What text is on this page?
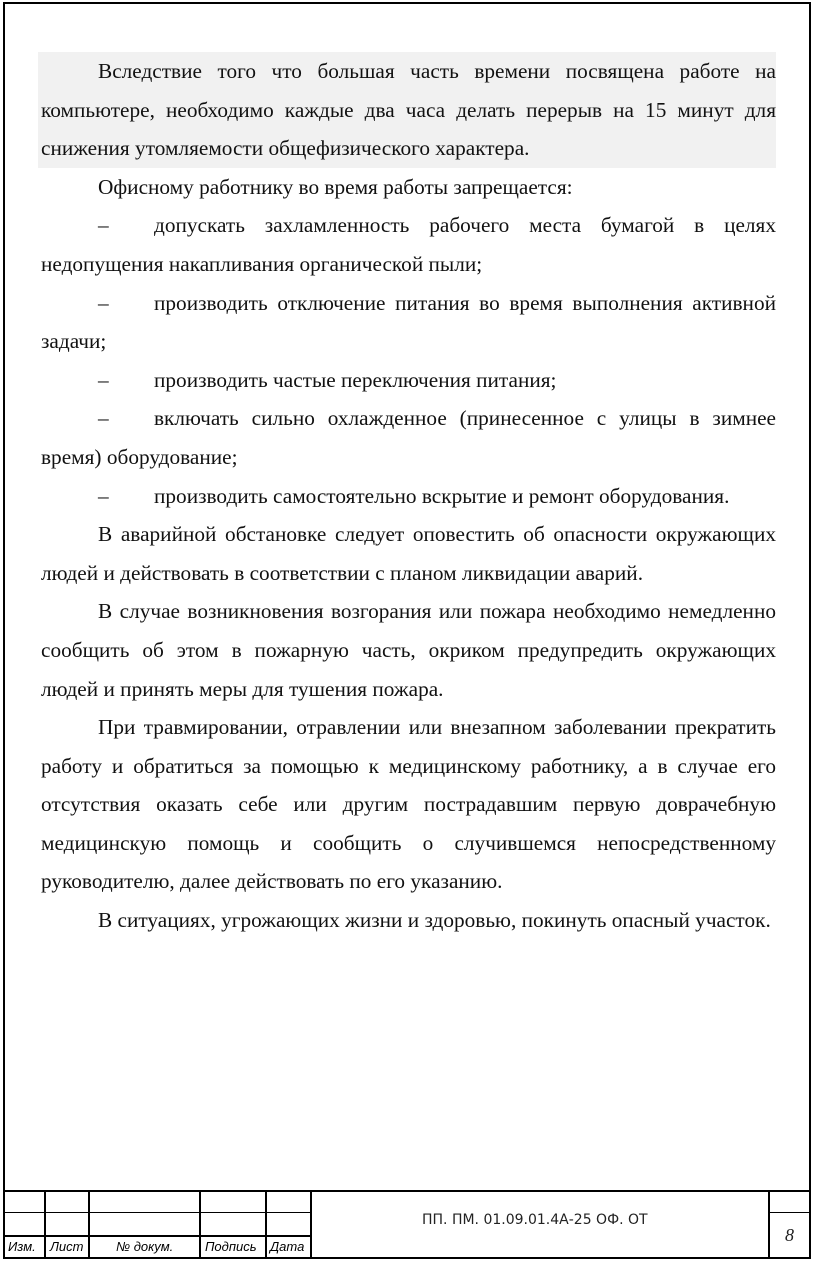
Вследствие того что большая часть времени посвящена работе на компьютере, необходимо каждые два часа делать перерыв на 15 минут для снижения утомляемости общефизического характера.

Офисному работнику во время работы запрещается:

– допускать захламленность рабочего места бумагой в целях недопущения накапливания органической пыли;

– производить отключение питания во время выполнения активной задачи;

– производить частые переключения питания;

– включать сильно охлажденное (принесенное с улицы в зимнее время) оборудование;

– производить самостоятельно вскрытие и ремонт оборудования.

В аварийной обстановке следует оповестить об опасности окружающих людей и действовать в соответствии с планом ликвидации аварий.

В случае возникновения возгорания или пожара необходимо немедленно сообщить об этом в пожарную часть, окриком предупредить окружающих людей и принять меры для тушения пожара.

При травмировании, отравлении или внезапном заболевании прекратить работу и обратиться за помощью к медицинскому работнику, а в случае его отсутствия оказать себе или другим пострадавшим первую доврачебную медицинскую помощь и сообщить о случившемся непосредственному руководителю, далее действовать по его указанию.

В ситуациях, угрожающих жизни и здоровью, покинуть опасный участок.

Изм. Лист	№ докум. Подпись Дата
ПП. ПМ. 01.09.01.4А-25 ОФ. ОТ
8
